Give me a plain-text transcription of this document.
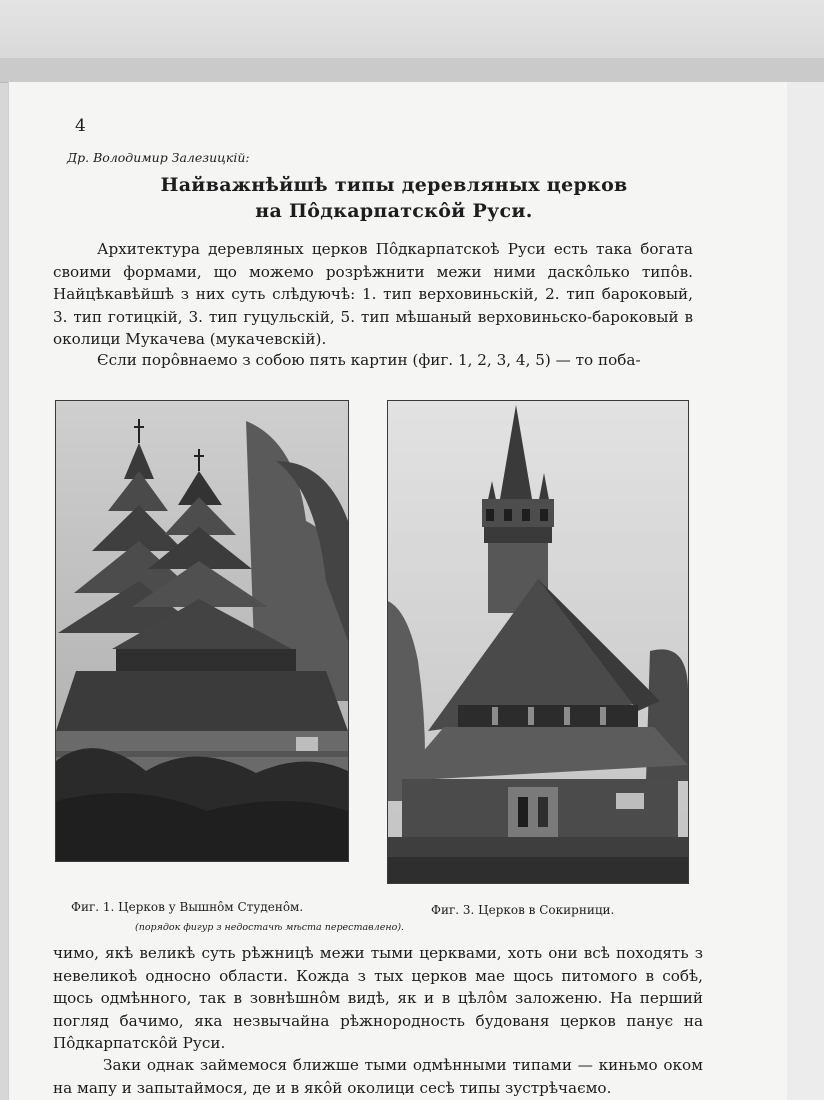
4
Др. Володимир Залезицкій:
Найважнѣйшѣ типы деревляных церков
на Пôдкарпатскôй Руси.

Архитектура деревляных церков Пôдкарпатскоѣ Руси есть така богата своими формами, що можемо розрѣжнити межи ними даскôлько типôв. Найцѣкавѣйшѣ з них суть слѣдуючѣ: 1. тип верховиньскій, 2. тип бароковый, 3. тип готицкій, 3. тип гуцульскій, 5. тип мѣшаный верховиньско-бароковый в околици Мукачева (мукачевскій).

Єсли порôвнаемо з собою пять картин (фиг. 1, 2, 3, 4, 5) — то поба-

Фиг. 1. Церков у Вышнôм Студенôм.	Фиг. 3. Церков в Сокирници.
(порядок фигур з недостачѣ мѣста переставлено).

чимо, якѣ великѣ суть рѣжницѣ межи тыми церквами, хоть они всѣ походять з невеликоѣ односно области. Кожда з тых церков мае щось питомого в собѣ, щось одмѣнного, так в зовнѣшнôм видѣ, як и в цѣлôм заложеню. На перший погляд бачимо, яка незвычайна рѣжнородность будованя церков панує на Пôдкарпатскôй Руси.

Заки однак займемося ближше тыми одмѣнными типами — киньмо оком на мапу и запытаймося, де и в якôй околици сесѣ типы зустрѣчаємо.
